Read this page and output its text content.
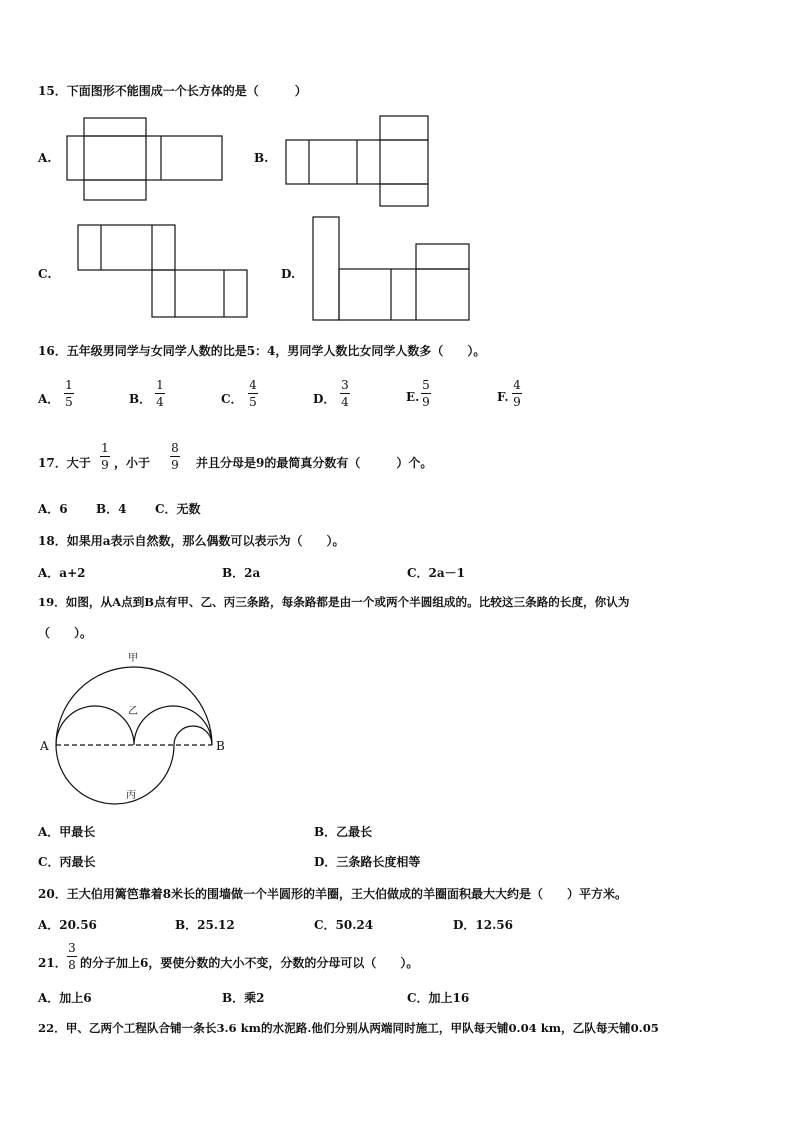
15．下面图形不能围成一个长方体的是（　　　）
A.	B.
C.	D.
16．五年级男同学与女同学人数的比是5：4，男同学人数比女同学人数多（　　）。
A．
1
5	B．
1
4	C．
4
5	D．
3
4	E.
5
9	F.
4
9
17．大于
1
9 ，小于
8
9 并且分母是9的最简真分数有（　　　）个。
A．6 B．4 C．无数
18．如果用a表示自然数，那么偶数可以表示为（　　）。
A．a+2	B．2a	C．2a－1
19．如图，从A点到B点有甲、乙、丙三条路，每条路都是由一个或两个半圆组成的。比较这三条路的长度，你认为
（　　）。
A	B
甲
乙
丙
A．甲最长	B．乙最长
C．丙最长	D．三条路长度相等
20．王大伯用篱笆靠着8米长的围墙做一个半圆形的羊圈，王大伯做成的羊圈面积最大大约是（　　）平方米。
A．20.56	B．25.12	C．50.24	D．12.56
21．
3
8 的分子加上6，要使分数的大小不变，分数的分母可以（　　）。
A．加上6	B．乘2	C．加上16
22．甲、乙两个工程队合铺一条长3.6 km的水泥路.他们分别从两端同时施工，甲队每天铺0.04 km，乙队每天铺0.05
